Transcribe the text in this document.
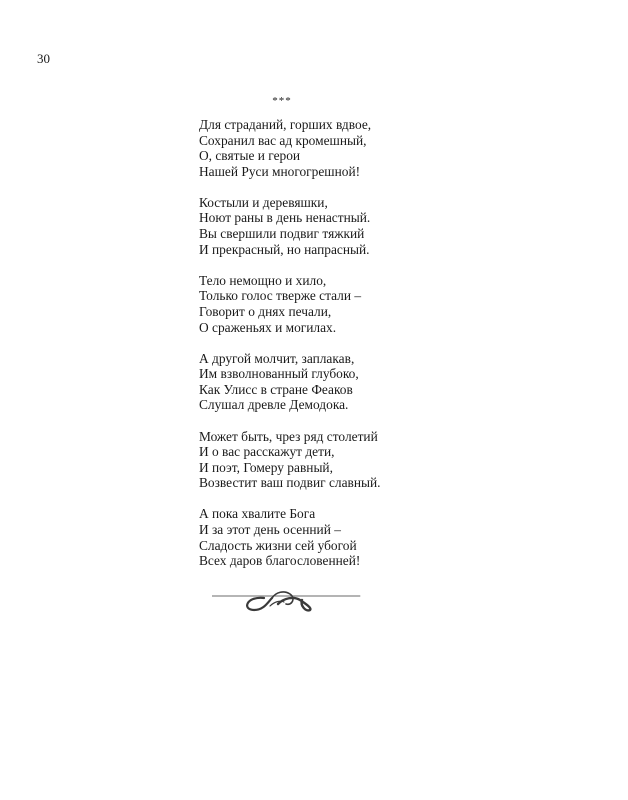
30
***
Для страданий, горших вдвое,
Сохранил вас ад кромешный,
О, святые и герои
Нашей Руси многогрешной!
Костыли и деревяшки,
Ноют раны в день ненастный.
Вы свершили подвиг тяжкий
И прекрасный, но напрасный.
Тело немощно и хило,
Только голос тверже стали –
Говорит о днях печали,
О сраженьях и могилах.
А другой молчит, заплакав,
Им взволнованный глубоко,
Как Улисс в стране Феаков
Слушал древле Демодока.
Может быть, чрез ряд столетий
И о вас расскажут дети,
И поэт, Гомеру равный,
Возвестит ваш подвиг славный.
А пока хвалите Бога
И за этот день осенний –
Сладость жизни сей убогой
Всех даров благословенней!
